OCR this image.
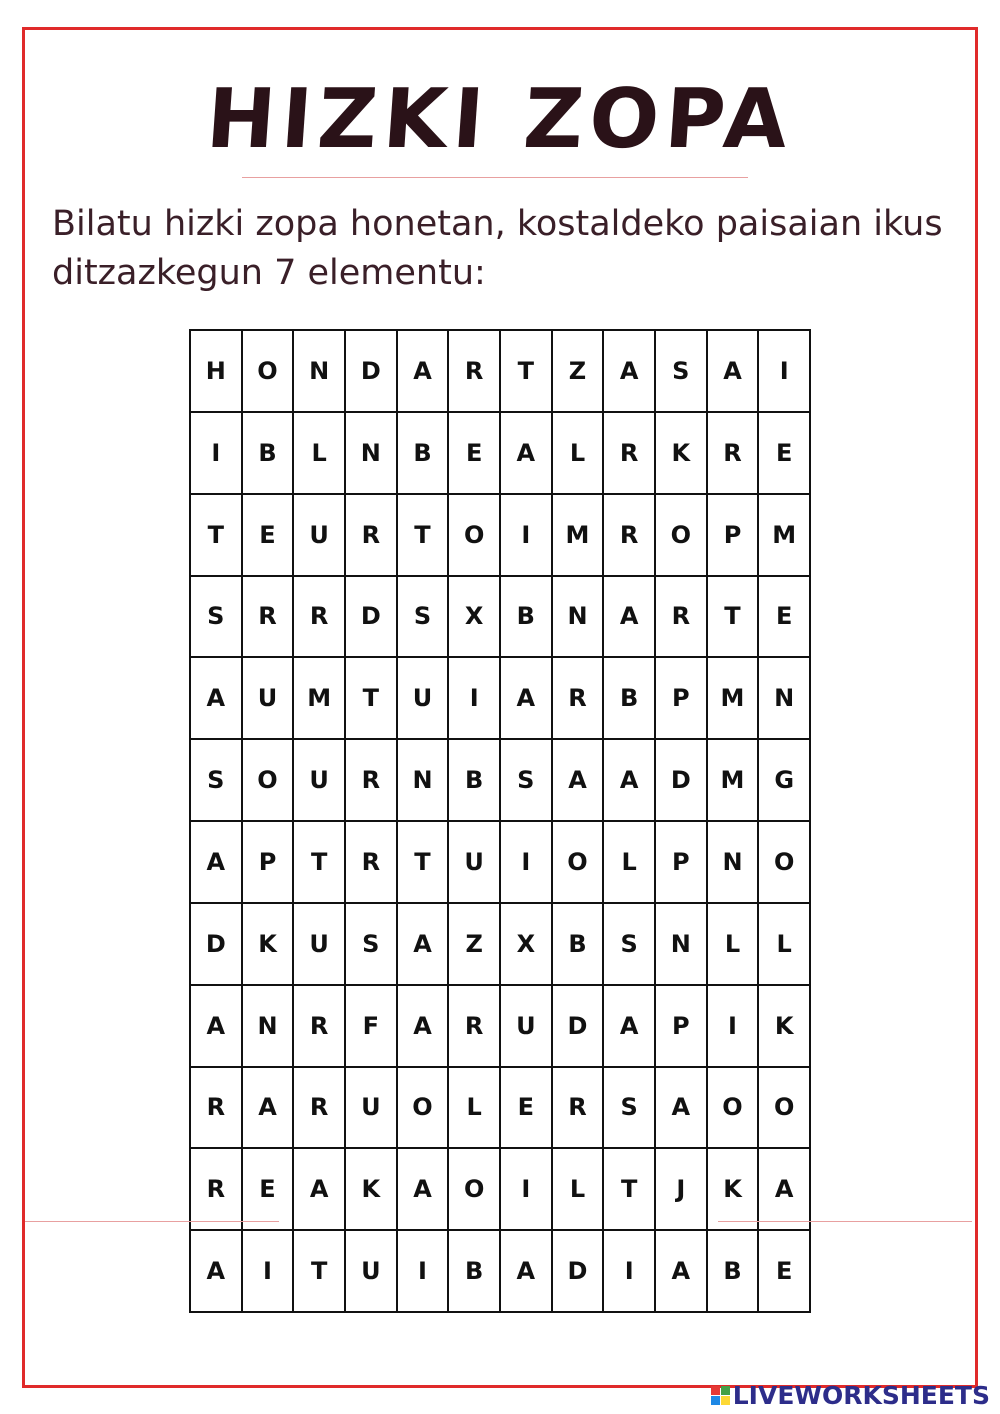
HIZKI ZOPA

Bilatu hizki zopa honetan, kostaldeko paisaian ikus ditzazkegun 7 elementu:

H	O	N	D	A	R	T	Z	A	S	A	I
I	B	L	N	B	E	A	L	R	K	R	E
T	E	U	R	T	O	I	M	R	O	P	M
S	R	R	D	S	X	B	N	A	R	T	E
A	U	M	T	U	I	A	R	B	P	M	N
S	O	U	R	N	B	S	A	A	D	M	G
A	P	T	R	T	U	I	O	L	P	N	O
D	K	U	S	A	Z	X	B	S	N	L	L
A	N	R	F	A	R	U	D	A	P	I	K
R	A	R	U	O	L	E	R	S	A	O	O
R	E	A	K	A	O	I	L	T	J	K	A
A	I	T	U	I	B	A	D	I	A	B	E
LIVEWORKSHEETS
